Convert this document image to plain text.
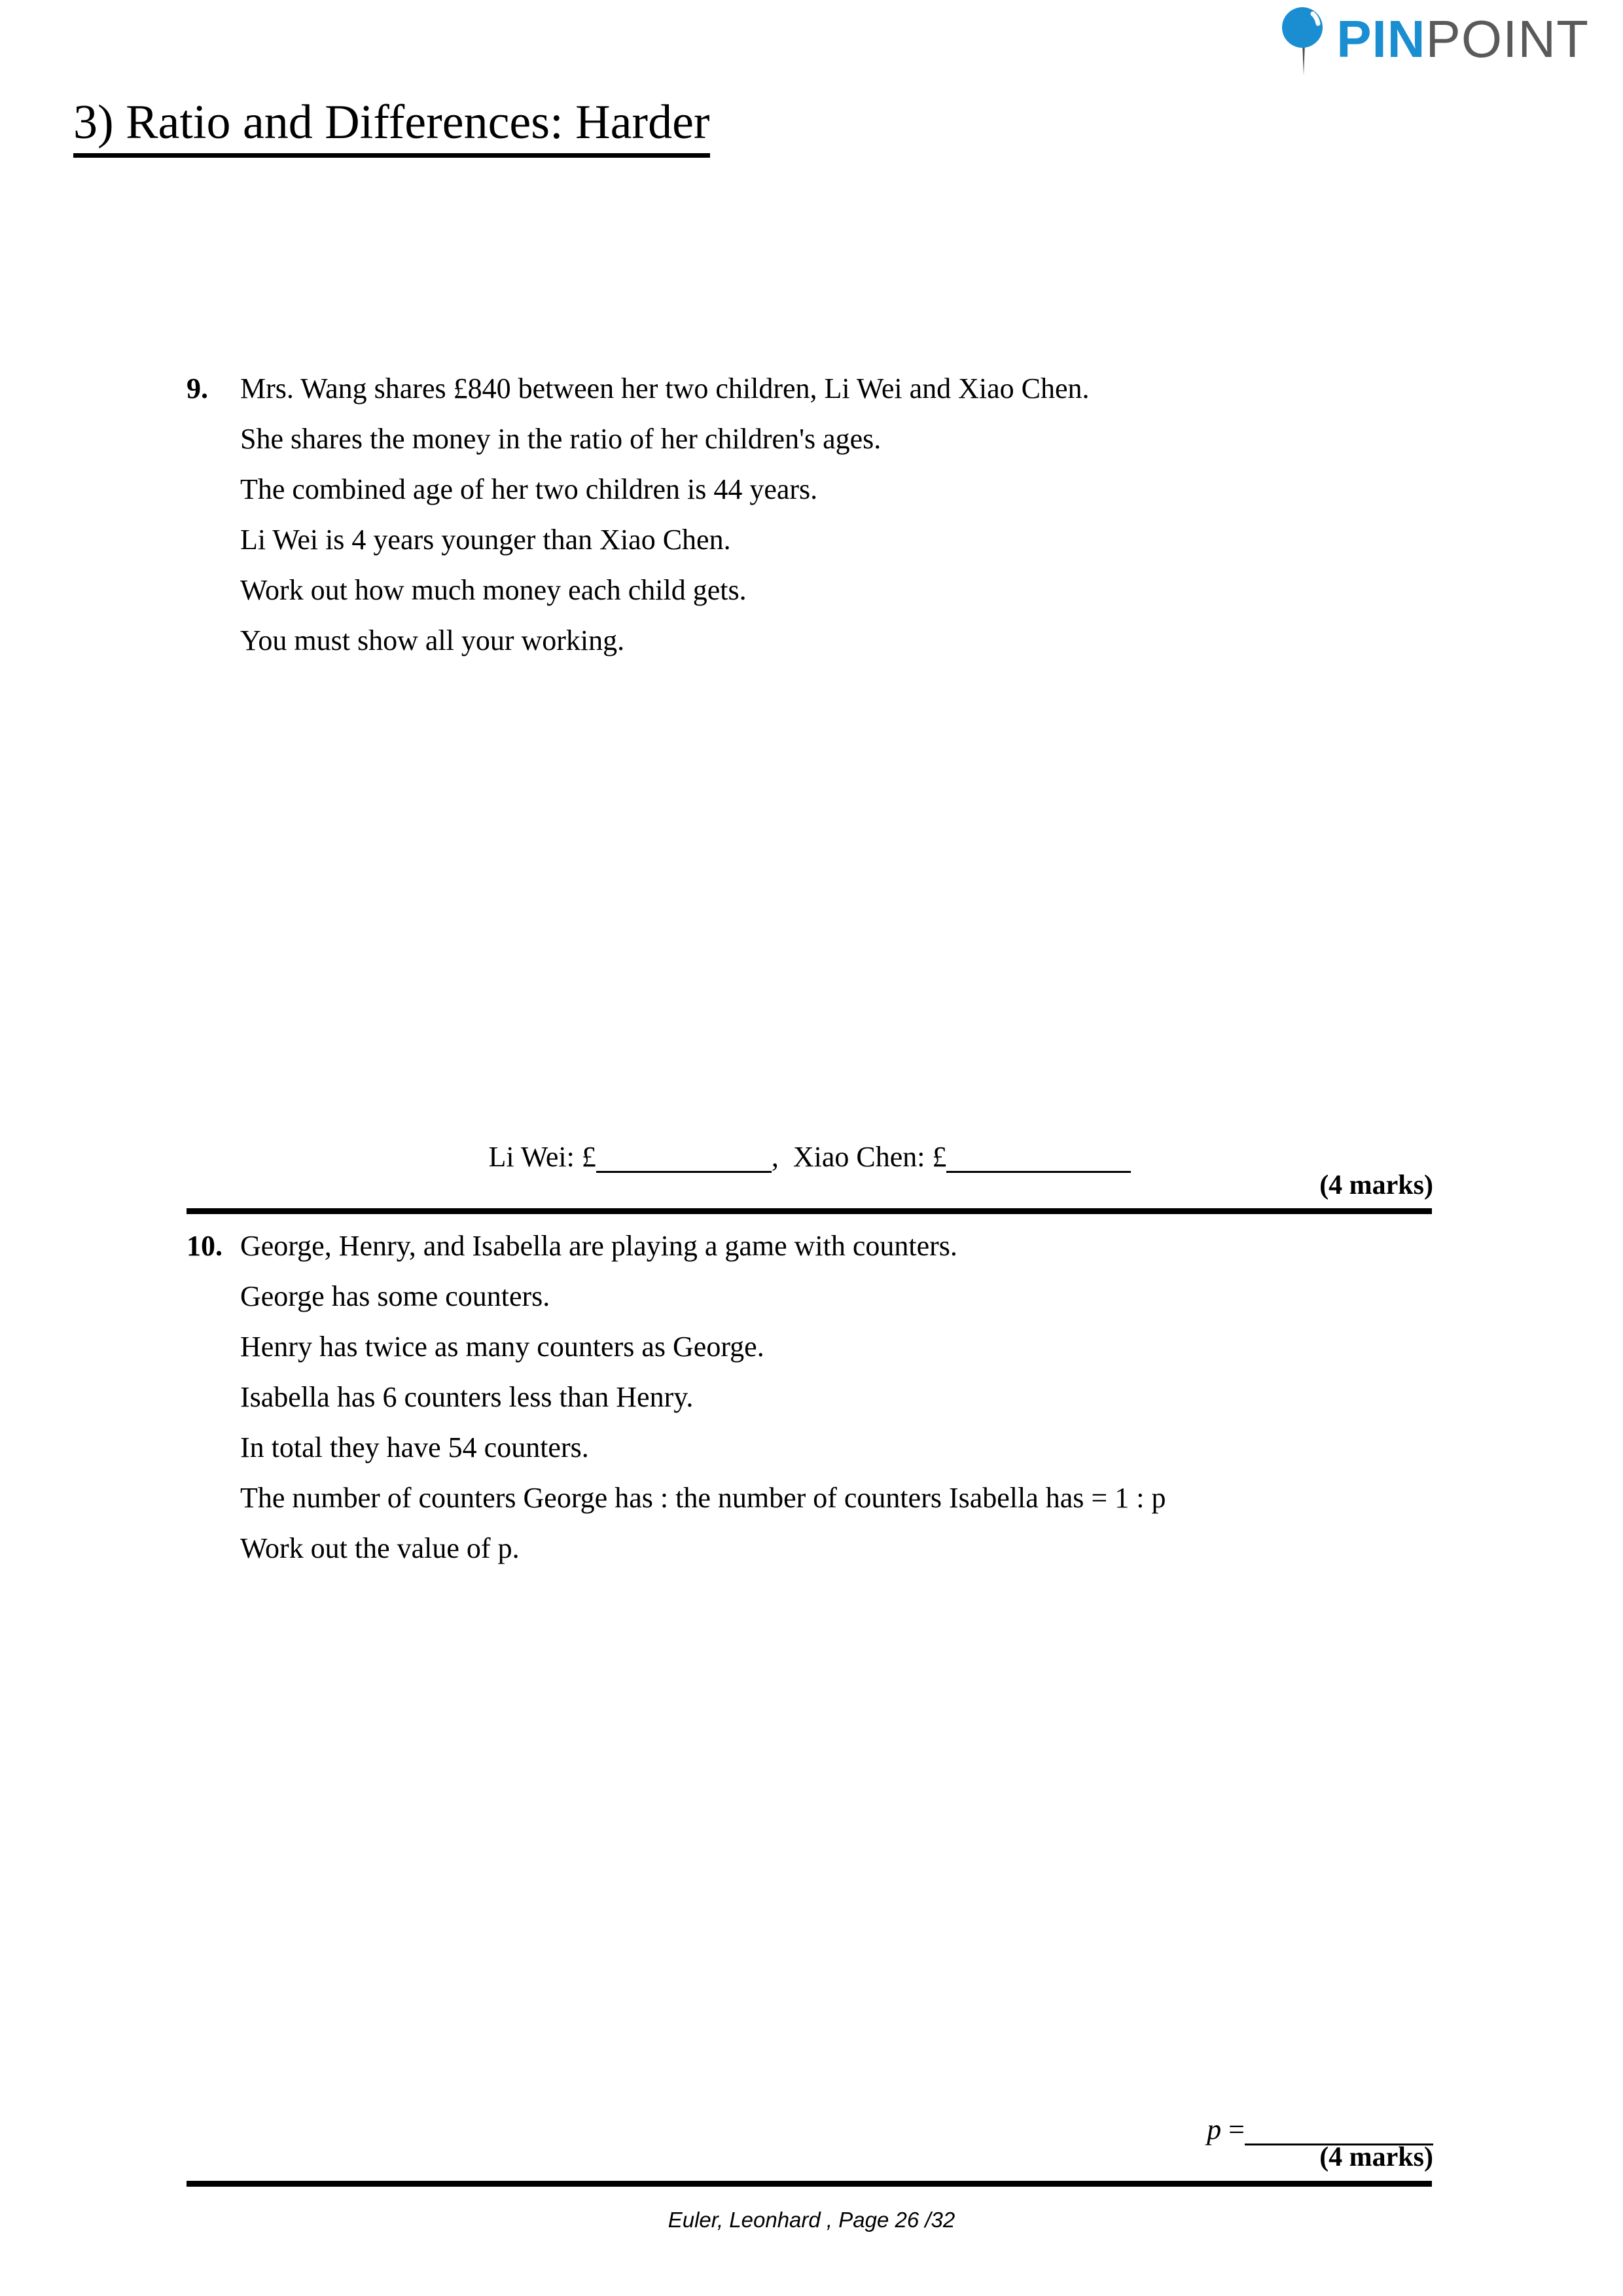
PINPOINT
3) Ratio and Differences: Harder
9.	Mrs. Wang shares £840 between her two children, Li Wei and Xiao Chen.
She shares the money in the ratio of her children's ages.
The combined age of her two children is 44 years.
Li Wei is 4 years younger than Xiao Chen.
Work out how much money each child gets.
You must show all your working.
Li Wei: £	,  Xiao Chen: £
(4 marks)
10. George, Henry, and Isabella are playing a game with counters.
George has some counters.
Henry has twice as many counters as George.
Isabella has 6 counters less than Henry.
In total they have 54 counters.
The number of counters George has : the number of counters Isabella has = 1 : p
Work out the value of p.
p =
(4 marks)
Euler, Leonhard , Page 26 /32
